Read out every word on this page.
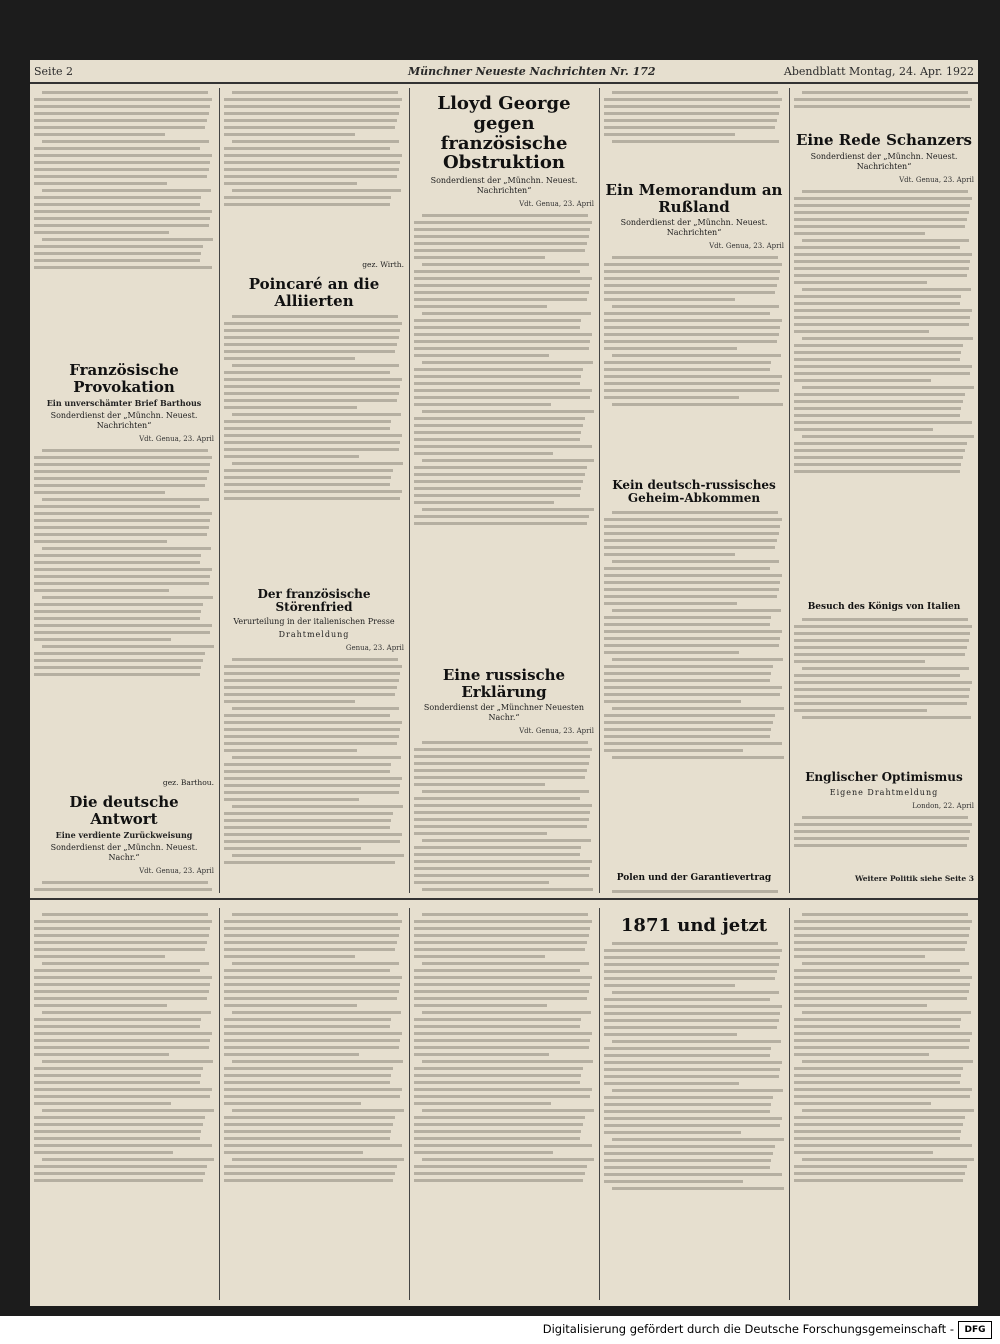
Seite 2	Münchner Neueste Nachrichten Nr. 172	Abendblatt Montag, 24. Apr. 1922
Französische Provokation
Ein unverschämter Brief Barthous
Sonderdienst der „Münchn. Neuest. Nachrichten“
Vdt. Genua, 23. April
gez. Barthou.
Die deutsche Antwort
Eine verdiente Zurückweisung
Sonderdienst der „Münchn. Neuest. Nachr.“
Vdt. Genua, 23. April
gez. Wirth.
Poincaré an die Alliierten
Der französische Störenfried
Verurteilung in der italienischen Presse
Drahtmeldung
Genua, 23. April
Lloyd George gegen französische Obstruktion
Sonderdienst der „Münchn. Neuest. Nachrichten“
Vdt. Genua, 23. April
Eine russische Erklärung
Sonderdienst der „Münchner Neuesten Nachr.“
Vdt. Genua, 23. April
Ein Memorandum an Rußland
Sonderdienst der „Münchn. Neuest. Nachrichten“
Vdt. Genua, 23. April
Kein deutsch-russisches Geheim-Abkommen
Polen und der Garantievertrag
Eine Rede Schanzers
Sonderdienst der „Münchn. Neuest. Nachrichten“
Vdt. Genua, 23. April
Besuch des Königs von Italien
Englischer Optimismus
Eigene Drahtmeldung
London, 22. April
Weitere Politik siehe Seite 3
1871 und jetzt
Digitalisierung gefördert durch die Deutsche Forschungsgemeinschaft -	DFG
